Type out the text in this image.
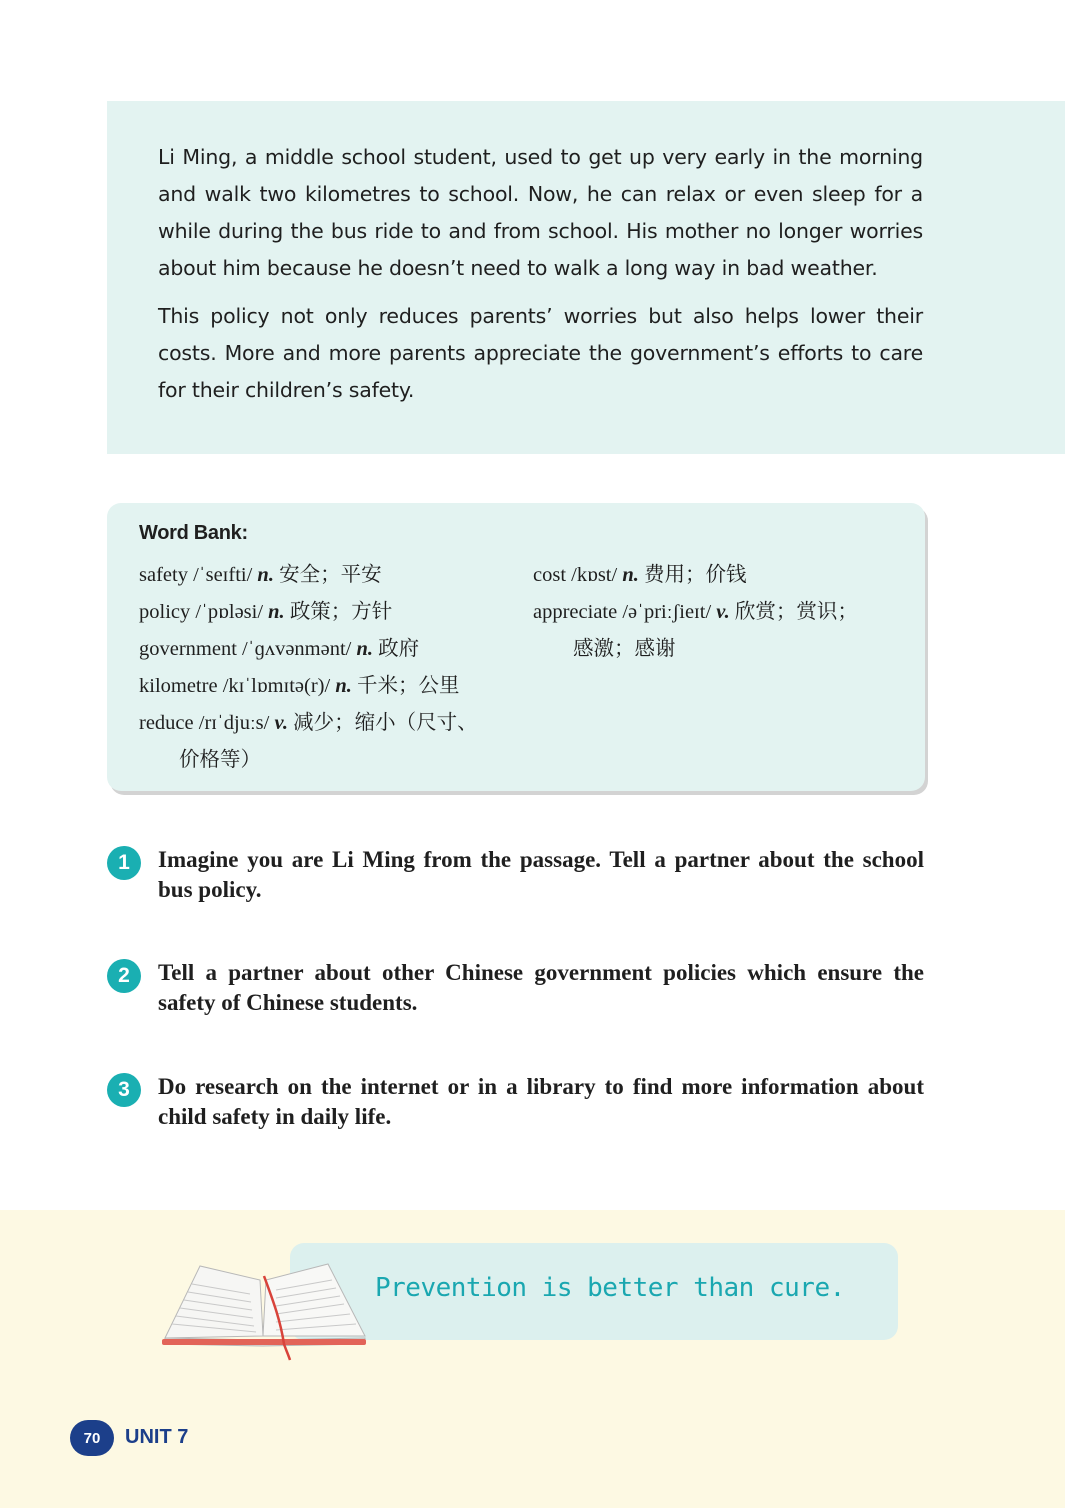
Li Ming, a middle school student, used to get up very early in the morning and walk two kilometres to school. Now, he can relax or even sleep for a while during the bus ride to and from school. His mother no longer worries about him because he doesn’t need to walk a long way in bad weather.

This policy not only reduces parents’ worries but also helps lower their costs. More and more parents appreciate the government’s efforts to care for their children’s safety.

Word Bank:
safety /ˈseɪfti/ n. 安全；平安
policy /ˈpɒləsi/ n. 政策；方针
government /ˈɡʌvənmənt/ n. 政府
kilometre /kɪˈlɒmɪtə(r)/ n. 千米；公里
reduce /rɪˈdjuːs/ v. 减少；缩小（尺寸、
价格等）
cost /kɒst/ n. 费用；价钱
appreciate /əˈpriːʃieɪt/ v. 欣赏；赏识；
感激；感谢
1	Imagine you are Li Ming from the passage. Tell a partner about the school bus policy.
2	Tell a partner about other Chinese government policies which ensure the safety of Chinese students.
3	Do research on the internet or in a library to find more information about child safety in daily life.
Prevention is better than cure.
70	UNIT 7
